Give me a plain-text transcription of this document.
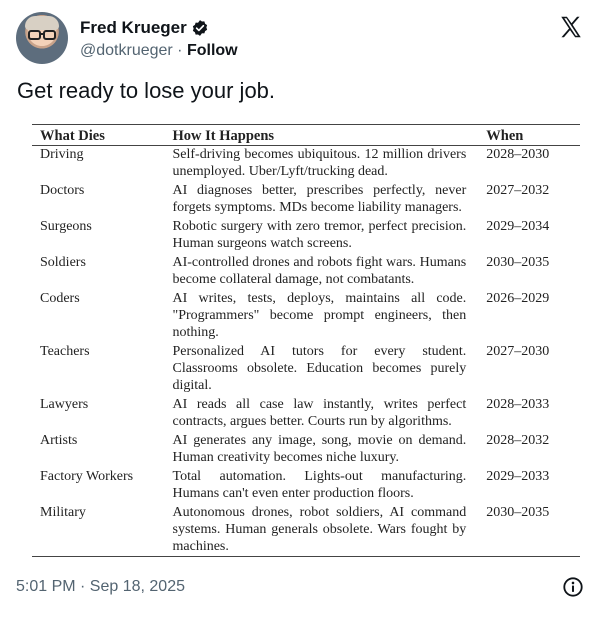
Fred Krueger
@dotkrueger · Follow
Get ready to lose your job.
What Dies	How It Happens	When
Driving	Self-driving becomes ubiquitous. 12 million drivers unemployed. Uber/Lyft/trucking dead.	2028–2030
Doctors	AI diagnoses better, prescribes perfectly, never forgets symptoms. MDs become liability managers.	2027–2032
Surgeons	Robotic surgery with zero tremor, perfect precision. Human surgeons watch screens.	2029–2034
Soldiers	AI-controlled drones and robots fight wars. Humans become collateral damage, not combatants.	2030–2035
Coders	AI writes, tests, deploys, maintains all code. "Programmers" become prompt engineers, then nothing.	2026–2029
Teachers	Personalized AI tutors for every student. Classrooms obsolete. Education becomes purely digital.	2027–2030
Lawyers	AI reads all case law instantly, writes perfect contracts, argues better. Courts run by algorithms.	2028–2033
Artists	AI generates any image, song, movie on demand. Human creativity becomes niche luxury.	2028–2032
Factory Workers	Total automation. Lights-out manufacturing. Humans can't even enter production floors.	2029–2033
Military	Autonomous drones, robot soldiers, AI command systems. Human generals obsolete. Wars fought by machines.	2030–2035
5:01 PM · Sep 18, 2025
